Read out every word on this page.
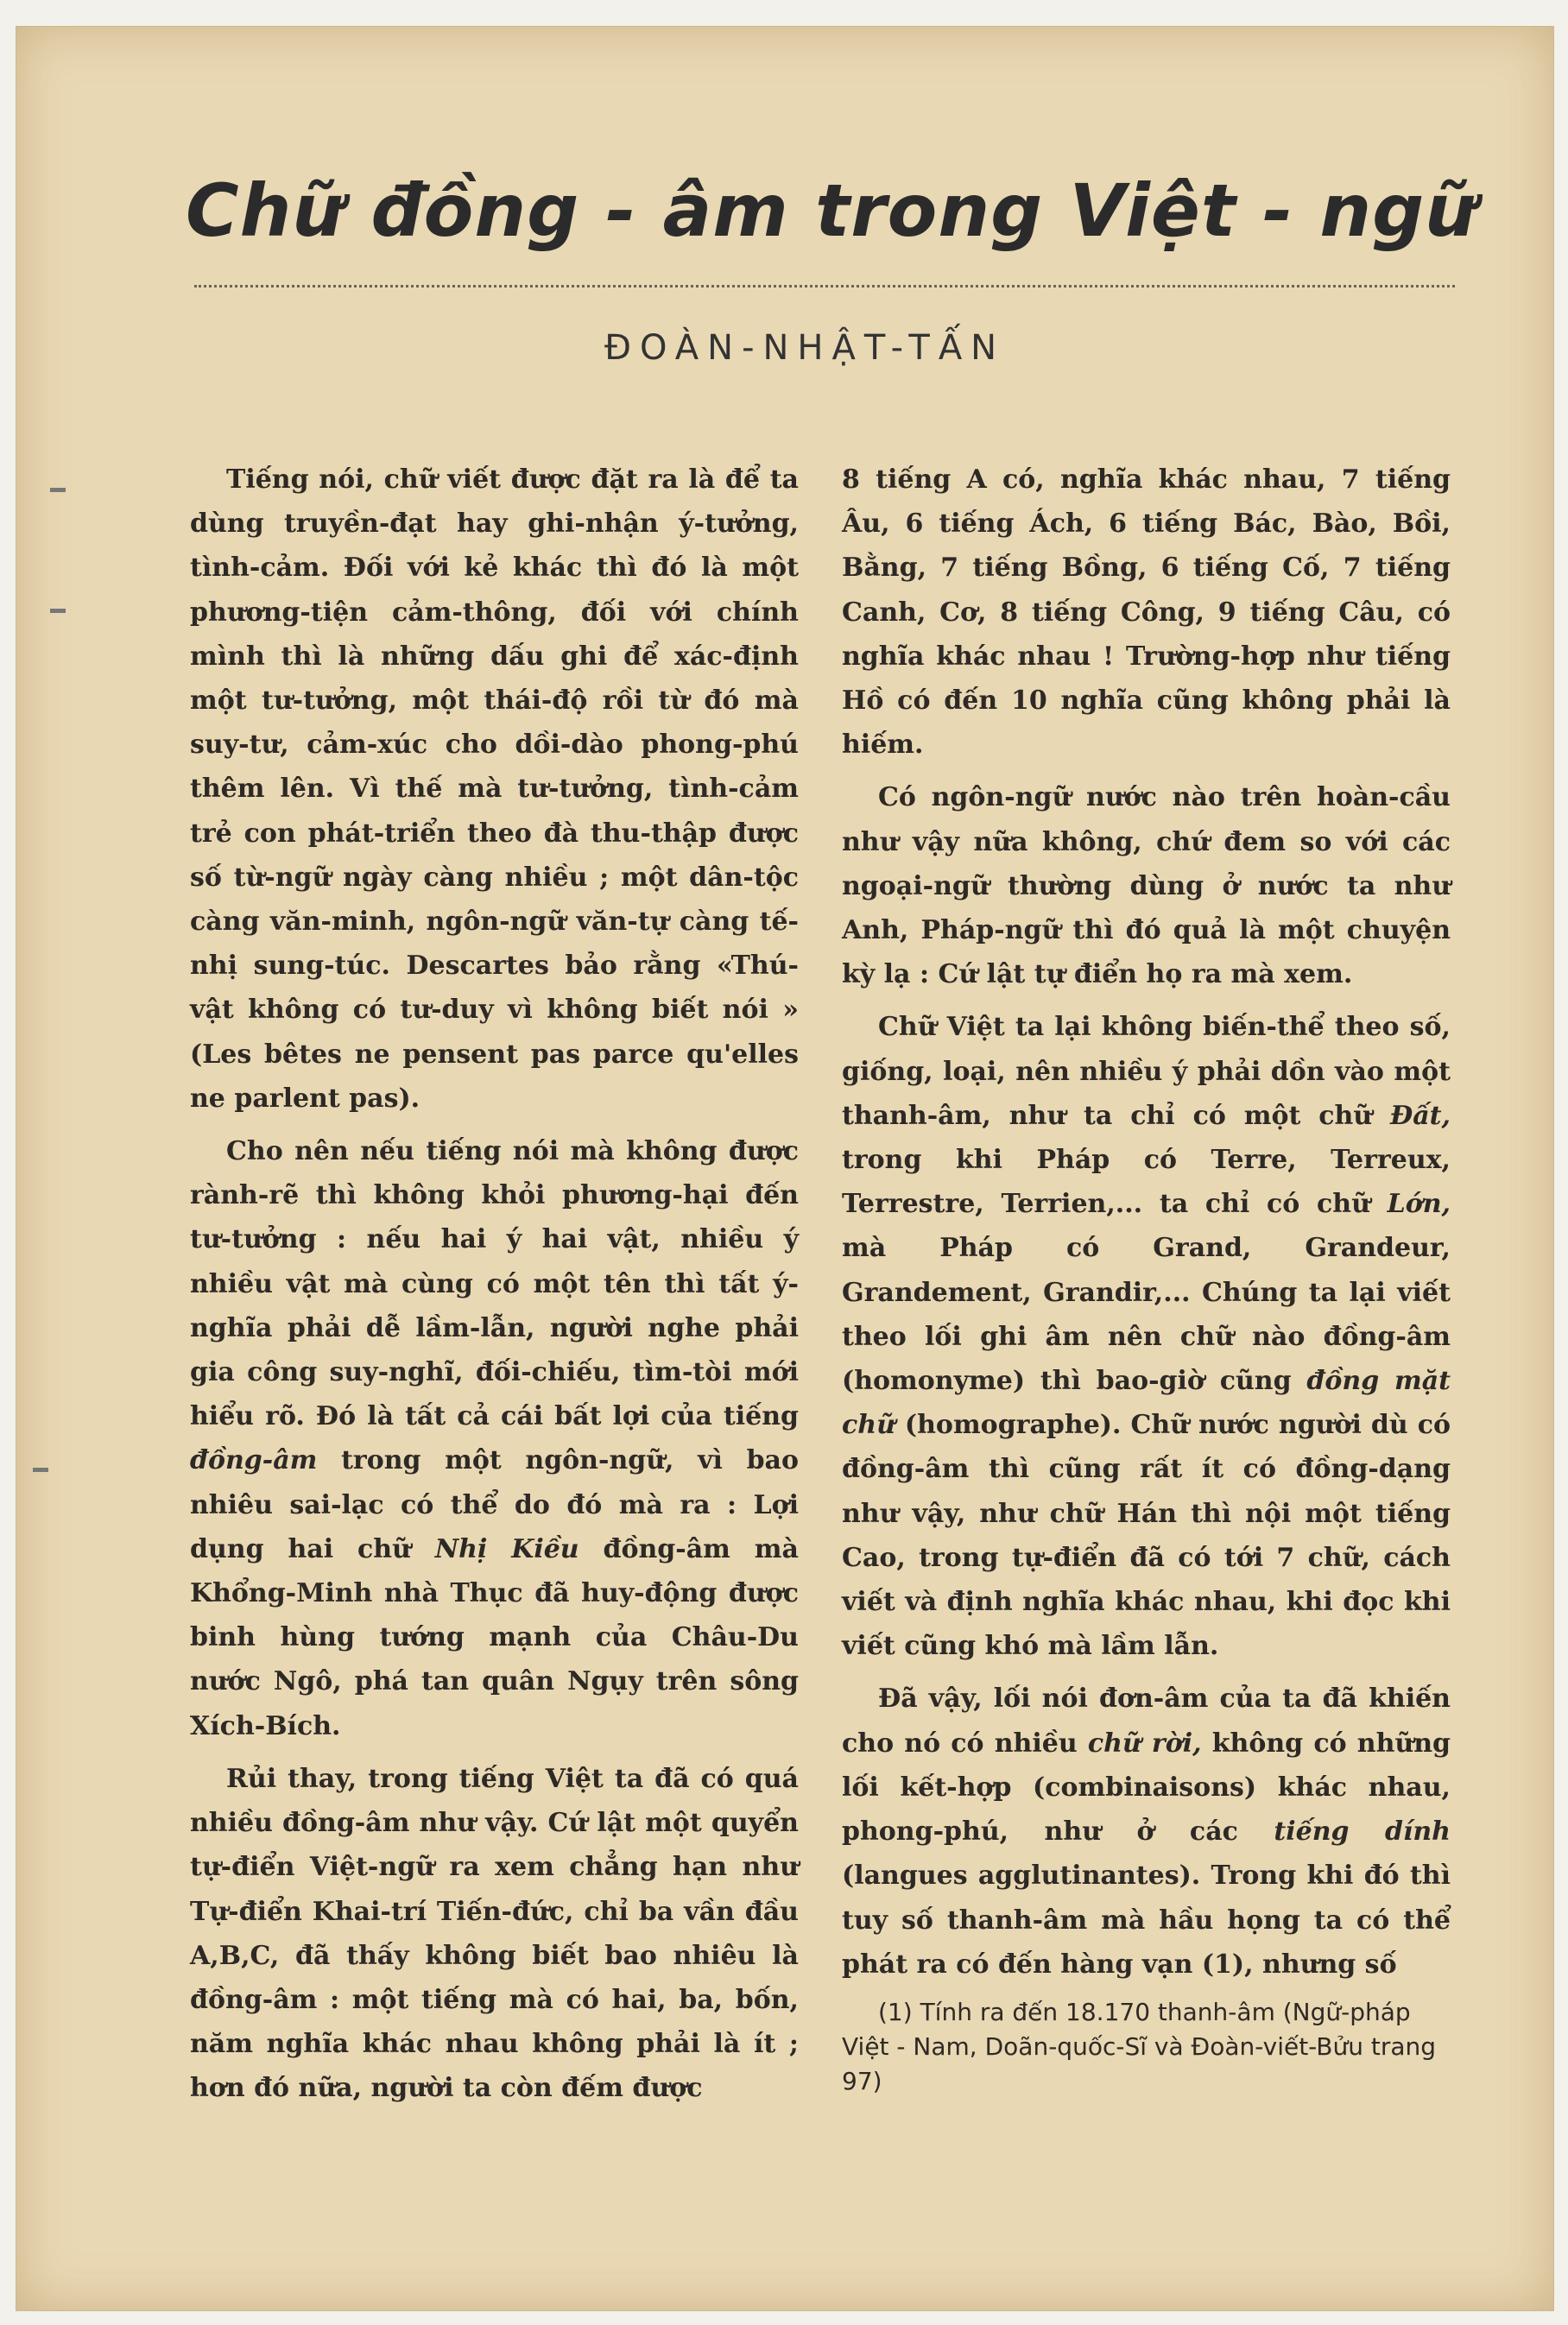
Chữ đồng - âm trong Việt - ngữ
ĐOÀN-NHẬT-TẤN

Tiếng nói, chữ viết được đặt ra là để ta dùng truyền-đạt hay ghi-nhận ý-tưởng, tình-cảm. Đối với kẻ khác thì đó là một phương-tiện cảm-thông, đối với chính mình thì là những dấu ghi để xác-định một tư-tưởng, một thái-độ rồi từ đó mà suy-tư, cảm-xúc cho dồi-dào phong-phú thêm lên. Vì thế mà tư-tưởng, tình-cảm trẻ con phát-triển theo đà thu-thập được số từ-ngữ ngày càng nhiều ; một dân-tộc càng văn-minh, ngôn-ngữ văn-tự càng tế-nhị sung-túc. Descartes bảo rằng «Thú-vật không có tư-duy vì không biết nói » (Les bêtes ne pensent pas parce qu'elles ne parlent pas).

Cho nên nếu tiếng nói mà không được rành-rẽ thì không khỏi phương-hại đến tư-tưởng : nếu hai ý hai vật, nhiều ý nhiều vật mà cùng có một tên thì tất ý-nghĩa phải dễ lầm-lẫn, người nghe phải gia công suy-nghĩ, đối-chiếu, tìm-tòi mới hiểu rõ. Đó là tất cả cái bất lợi của tiếng đồng-âm trong một ngôn-ngữ, vì bao nhiêu sai-lạc có thể do đó mà ra : Lợi dụng hai chữ Nhị Kiều đồng-âm mà Khổng-Minh nhà Thục đã huy-động được binh hùng tướng mạnh của Châu-Du nước Ngô, phá tan quân Ngụy trên sông Xích-Bích.

Rủi thay, trong tiếng Việt ta đã có quá nhiều đồng-âm như vậy. Cứ lật một quyển tự-điển Việt-ngữ ra xem chẳng hạn như Tự-điển Khai-trí Tiến-đức, chỉ ba vần đầu A,B,C, đã thấy không biết bao nhiêu là đồng-âm : một tiếng mà có hai, ba, bốn, năm nghĩa khác nhau không phải là ít ; hơn đó nữa, người ta còn đếm được

8 tiếng A có, nghĩa khác nhau, 7 tiếng Âu, 6 tiếng Ách, 6 tiếng Bác, Bào, Bồi, Bằng, 7 tiếng Bồng, 6 tiếng Cố, 7 tiếng Canh, Cơ, 8 tiếng Công, 9 tiếng Câu, có nghĩa khác nhau ! Trường-hợp như tiếng Hồ có đến 10 nghĩa cũng không phải là hiếm.

Có ngôn-ngữ nước nào trên hoàn-cầu như vậy nữa không, chứ đem so với các ngoại-ngữ thường dùng ở nước ta như Anh, Pháp-ngữ thì đó quả là một chuyện kỳ lạ : Cứ lật tự điển họ ra mà xem.

Chữ Việt ta lại không biến-thể theo số, giống, loại, nên nhiều ý phải dồn vào một thanh-âm, như ta chỉ có một chữ Đất, trong khi Pháp có Terre, Terreux, Terrestre, Terrien,... ta chỉ có chữ Lớn, mà Pháp có Grand, Grandeur, Grandement, Grandir,... Chúng ta lại viết theo lối ghi âm nên chữ nào đồng-âm (homonyme) thì bao-giờ cũng đồng mặt chữ (homographe). Chữ nước người dù có đồng-âm thì cũng rất ít có đồng-dạng như vậy, như chữ Hán thì nội một tiếng Cao, trong tự-điển đã có tới 7 chữ, cách viết và định nghĩa khác nhau, khi đọc khi viết cũng khó mà lầm lẫn.

Đã vậy, lối nói đơn-âm của ta đã khiến cho nó có nhiều chữ rời, không có những lối kết-hợp (combinaisons) khác nhau, phong-phú, như ở các tiếng dính (langues agglutinantes). Trong khi đó thì tuy số thanh-âm mà hầu họng ta có thể phát ra có đến hàng vạn (1), nhưng số

(1) Tính ra đến 18.170 thanh-âm (Ngữ-pháp Việt - Nam, Doãn-quốc-Sĩ và Đoàn-viết-Bửu trang 97)
